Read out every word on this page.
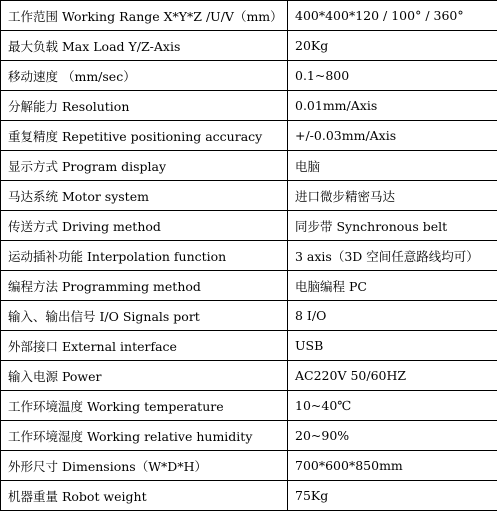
工作范围 Working Range X*Y*Z /U/V（mm）	400*400*120 / 100° / 360°
最大负载 Max Load Y/Z-Axis	20Kg
移动速度 （mm/sec）	0.1~800
分解能力 Resolution	0.01mm/Axis
重复精度 Repetitive positioning accuracy	+/-0.03mm/Axis
显示方式 Program display	电脑
马达系统 Motor system	进口微步精密马达
传送方式 Driving method	同步带 Synchronous belt
运动插补功能 Interpolation function	3 axis（3D 空间任意路线均可）
编程方法 Programming method	电脑编程 PC
输入、输出信号 I/O Signals port	8 I/O
外部接口 External interface	USB
输入电源 Power	AC220V 50/60HZ
工作环境温度 Working temperature	10~40℃
工作环境湿度 Working relative humidity	20~90%
外形尺寸 Dimensions（W*D*H）	700*600*850mm
机器重量 Robot weight	75Kg
